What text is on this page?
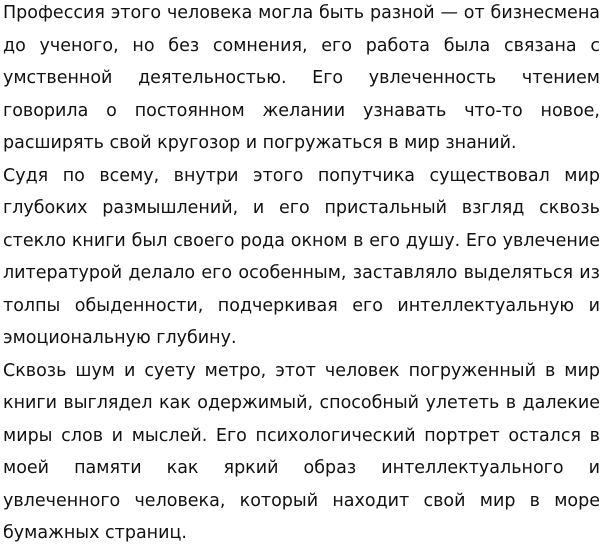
Профессия этого человека могла быть разной — от бизнесмена до ученого, но без сомнения, его работа была связана с умственной деятельностью. Его увлеченность чтением говорила о постоянном желании узнавать что-то новое, расширять свой кругозор и погружаться в мир знаний.

Судя по всему, внутри этого попутчика существовал мир глубоких размышлений, и его пристальный взгляд сквозь стекло книги был своего рода окном в его душу. Его увлечение литературой делало его особенным, заставляло выделяться из толпы обыденности, подчеркивая его интеллектуальную и эмоциональную глубину.

Сквозь шум и суету метро, этот человек погруженный в мир книги выглядел как одержимый, способный улететь в далекие миры слов и мыслей. Его психологический портрет остался в моей памяти как яркий образ интеллектуального и увлеченного человека, который находит свой мир в море бумажных страниц.
